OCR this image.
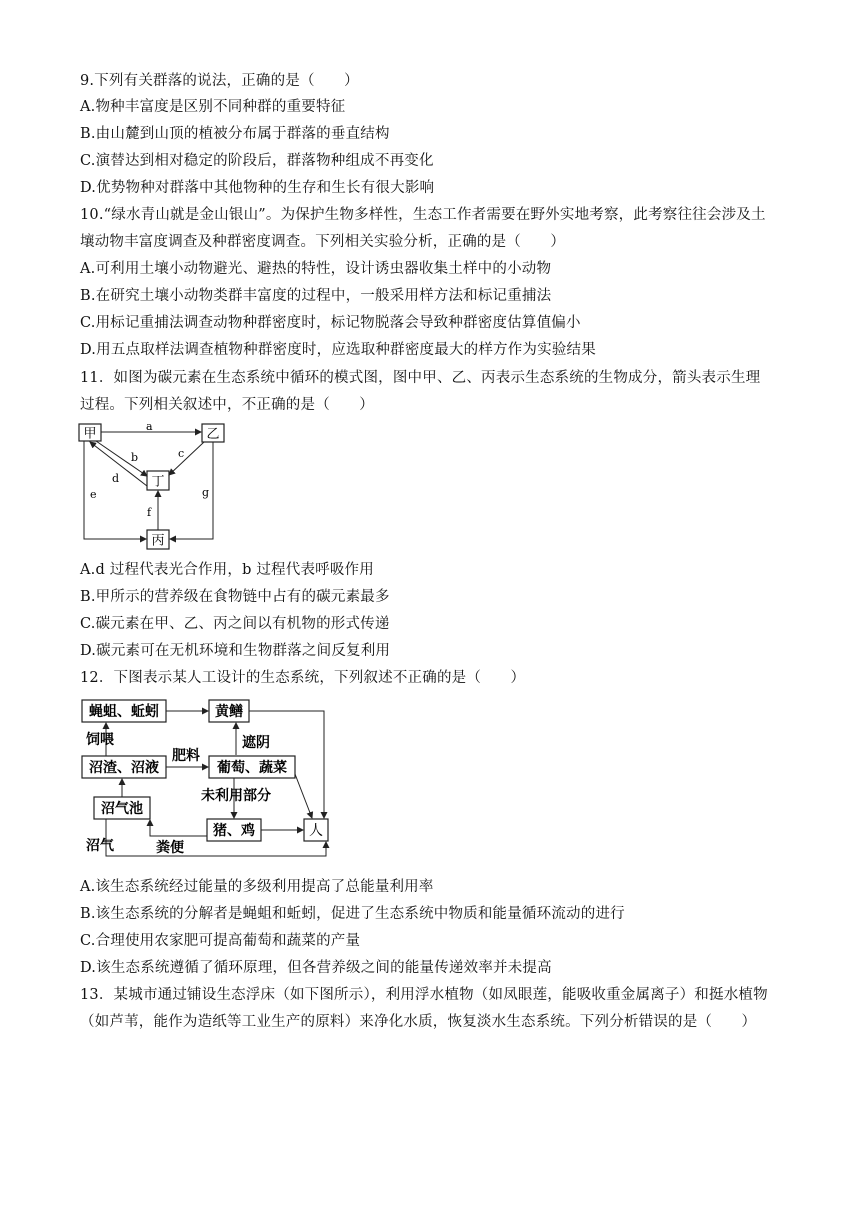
9.下列有关群落的说法，正确的是（　　）
A.物种丰富度是区别不同种群的重要特征
B.由山麓到山顶的植被分布属于群落的垂直结构
C.演替达到相对稳定的阶段后，群落物种组成不再变化
D.优势物种对群落中其他物种的生存和生长有很大影响
10.“绿水青山就是金山银山”。为保护生物多样性，生态工作者需要在野外实地考察，此考察往往会涉及土
壤动物丰富度调查及种群密度调查。下列相关实验分析，正确的是（　　）
A.可利用土壤小动物避光、避热的特性，设计诱虫器收集土样中的小动物
B.在研究土壤小动物类群丰富度的过程中，一般采用样方法和标记重捕法
C.用标记重捕法调查动物种群密度时，标记物脱落会导致种群密度估算值偏小
D.用五点取样法调查植物种群密度时，应选取种群密度最大的样方作为实验结果
11．如图为碳元素在生态系统中循环的模式图，图中甲、乙、丙表示生态系统的生物成分，箭头表示生理
过程。下列相关叙述中，不正确的是（　　）
甲	乙
丁
丙
a
c
b
d
e
f
g
A.d 过程代表光合作用，b 过程代表呼吸作用
B.甲所示的营养级在食物链中占有的碳元素最多
C.碳元素在甲、乙、丙之间以有机物的形式传递
D.碳元素可在无机环境和生物群落之间反复利用
12．下图表示某人工设计的生态系统，下列叙述不正确的是（　　）
蝇蛆、蚯蚓	黄鳝
沼渣、沼液	葡萄、蔬菜
沼气池
猪、鸡	人
饲喂
肥料
遮阴
未利用部分
粪便
沼气
A.该生态系统经过能量的多级利用提高了总能量利用率
B.该生态系统的分解者是蝇蛆和蚯蚓，促进了生态系统中物质和能量循环流动的进行
C.合理使用农家肥可提高葡萄和蔬菜的产量
D.该生态系统遵循了循环原理，但各营养级之间的能量传递效率并未提高
13．某城市通过铺设生态浮床（如下图所示），利用浮水植物（如凤眼莲，能吸收重金属离子）和挺水植物
（如芦苇，能作为造纸等工业生产的原料）来净化水质，恢复淡水生态系统。下列分析错误的是（　　）
